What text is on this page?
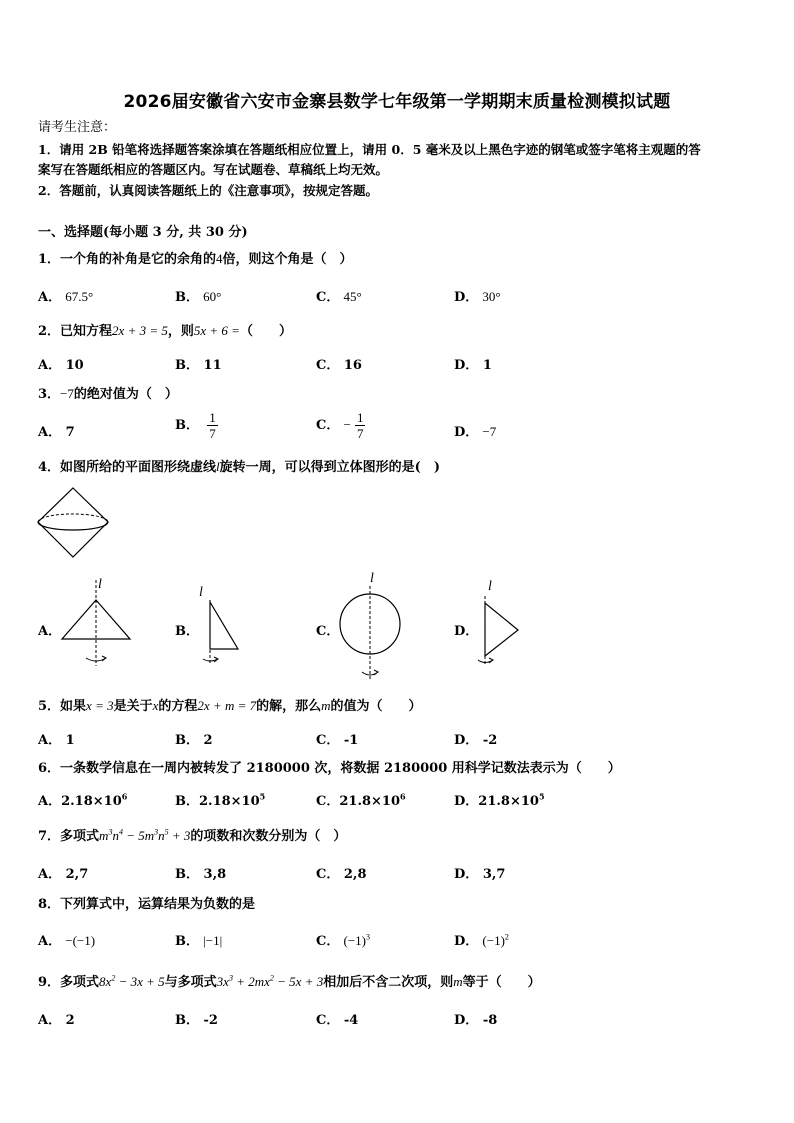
2026届安徽省六安市金寨县数学七年级第一学期期末质量检测模拟试题
请考生注意：
1．请用 2B 铅笔将选择题答案涂填在答题纸相应位置上，请用 0．5 毫米及以上黑色字迹的钢笔或签字笔将主观题的答
案写在答题纸相应的答题区内。写在试题卷、草稿纸上均无效。
2．答题前，认真阅读答题纸上的《注意事项》，按规定答题。
一、选择题(每小题 3 分, 共 30 分)
1．一个角的补角是它的余角的4倍，则这个角是（　）
A． 67.5°	B． 60°	C． 45°	D． 30°
2．已知方程2x + 3 = 5，则5x + 6 =（　　）
A． 10	B． 11	C． 16	D． 1
3．−7的绝对值为（　）
A． 7	B． $\frac{1}{7}$	C． − $\frac{1}{7}$	D． −7
4．如图所给的平面图形绕虚线l旋转一周，可以得到立体图形的是(　)
A．
l
B．
l
C．
l
D．
l
5．如果x = 3是关于x的方程2x + m = 7的解，那么m的值为（　　）
A． 1	B． 2	C． -1	D． -2
6．一条数学信息在一周内被转发了 2180000 次，将数据 2180000 用科学记数法表示为（　　）
A．$2.18\times 10^6$	B．$2.18\times 10^5$	C．$21.8\times 10^6$	D．$21.8\times 10^5$
7．多项式$m^3n^4 - 5m^3n^5 + 3$的项数和次数分别为（　）
A． 2,7	B． 3,8	C． 2,8	D． 3,7
8．下列算式中，运算结果为负数的是
A． −(−1)	B． |−1|	C． $(-1)^3$	D． $(-1)^2$
9．多项式$8x^2 - 3x + 5$与多项式$3x^3 + 2mx^2 - 5x + 3$相加后不含二次项，则m等于（　　）
A． 2	B． -2	C． -4	D． -8
